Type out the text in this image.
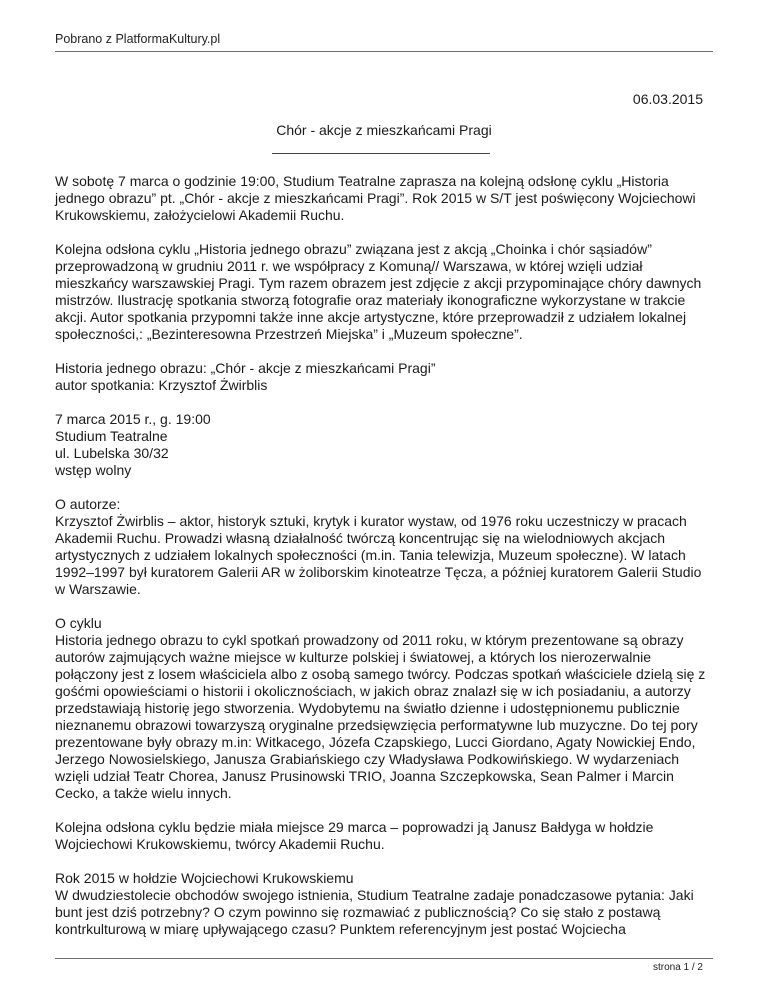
Pobrano z PlatformaKultury.pl
06.03.2015
Chór - akcje z mieszkańcami Pragi

W sobotę 7 marca o godzinie 19:00, Studium Teatralne zaprasza na kolejną odsłonę cyklu „Historia jednego obrazu” pt. „Chór - akcje z mieszkańcami Pragi”. Rok 2015 w S/T jest poświęcony Wojciechowi Krukowskiemu, założycielowi Akademii Ruchu.

Kolejna odsłona cyklu „Historia jednego obrazu” związana jest z akcją „Choinka i chór sąsiadów” przeprowadzoną w grudniu 2011 r. we współpracy z Komuną// Warszawa, w której wzięli udział mieszkańcy warszawskiej Pragi. Tym razem obrazem jest zdjęcie z akcji przypominające chóry dawnych mistrzów. Ilustrację spotkania stworzą fotografie oraz materiały ikonograficzne wykorzystane w trakcie akcji. Autor spotkania przypomni także inne akcje artystyczne, które przeprowadził z udziałem lokalnej społeczności,: „Bezinteresowna Przestrzeń Miejska” i „Muzeum społeczne”.

Historia jednego obrazu: „Chór - akcje z mieszkańcami Pragi”
autor spotkania: Krzysztof Żwirblis

7 marca 2015 r., g. 19:00
Studium Teatralne
ul. Lubelska 30/32
wstęp wolny

O autorze:
Krzysztof Żwirblis – aktor, historyk sztuki, krytyk i kurator wystaw, od 1976 roku uczestniczy w pracach Akademii Ruchu. Prowadzi własną działalność twórczą koncentrując się na wielodniowych akcjach artystycznych z udziałem lokalnych społeczności (m.in. Tania telewizja, Muzeum społeczne). W latach 1992–1997 był kuratorem Galerii AR w żoliborskim kinoteatrze Tęcza, a później kuratorem Galerii Studio w Warszawie.

O cyklu
Historia jednego obrazu to cykl spotkań prowadzony od 2011 roku, w którym prezentowane są obrazy autorów zajmujących ważne miejsce w kulturze polskiej i światowej, a których los nierozerwalnie połączony jest z losem właściciela albo z osobą samego twórcy. Podczas spotkań właściciele dzielą się z gośćmi opowieściami o historii i okolicznościach, w jakich obraz znalazł się w ich posiadaniu, a autorzy przedstawiają historię jego stworzenia. Wydobytemu na światło dzienne i udostępnionemu publicznie nieznanemu obrazowi towarzyszą oryginalne przedsięwzięcia performatywne lub muzyczne. Do tej pory prezentowane były obrazy m.in: Witkacego, Józefa Czapskiego, Lucci Giordano, Agaty Nowickiej Endo, Jerzego Nowosielskiego, Janusza Grabiańskiego czy Władysława Podkowińskiego. W wydarzeniach wzięli udział Teatr Chorea, Janusz Prusinowski TRIO, Joanna Szczepkowska, Sean Palmer i Marcin Cecko, a także wielu innych.

Kolejna odsłona cyklu będzie miała miejsce 29 marca – poprowadzi ją Janusz Bałdyga w hołdzie Wojciechowi Krukowskiemu, twórcy Akademii Ruchu.

Rok 2015 w hołdzie Wojciechowi Krukowskiemu
W dwudziestoleciе obchodów swojego istnienia, Studium Teatralne zadaje ponadczasowe pytania: Jaki bunt jest dziś potrzebny? O czym powinno się rozmawiać z publicznością? Co się stało z postawą kontrkulturową w miarę upływającego czasu? Punktem referencyjnym jest postać Wojciecha

strona 1 / 2
